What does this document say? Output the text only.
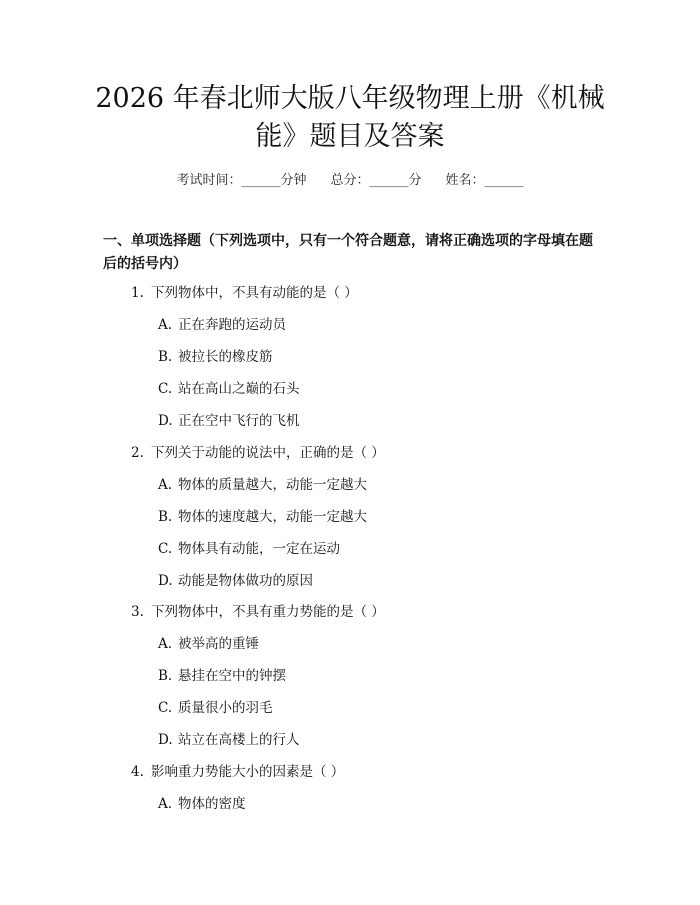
2026 年春北师大版八年级物理上册《机械
能》题目及答案
考试时间：______分钟 总分：______分 姓名：______
一、单项选择题（下列选项中，只有一个符合题意，请将正确选项的字母填在题后的括号内）
1. 下列物体中，不具有动能的是（ ）
A. 正在奔跑的运动员
B. 被拉长的橡皮筋
C. 站在高山之巅的石头
D. 正在空中飞行的飞机
2. 下列关于动能的说法中，正确的是（ ）
A. 物体的质量越大，动能一定越大
B. 物体的速度越大，动能一定越大
C. 物体具有动能，一定在运动
D. 动能是物体做功的原因
3. 下列物体中，不具有重力势能的是（ ）
A. 被举高的重锤
B. 悬挂在空中的钟摆
C. 质量很小的羽毛
D. 站立在高楼上的行人
4. 影响重力势能大小的因素是（ ）
A. 物体的密度
